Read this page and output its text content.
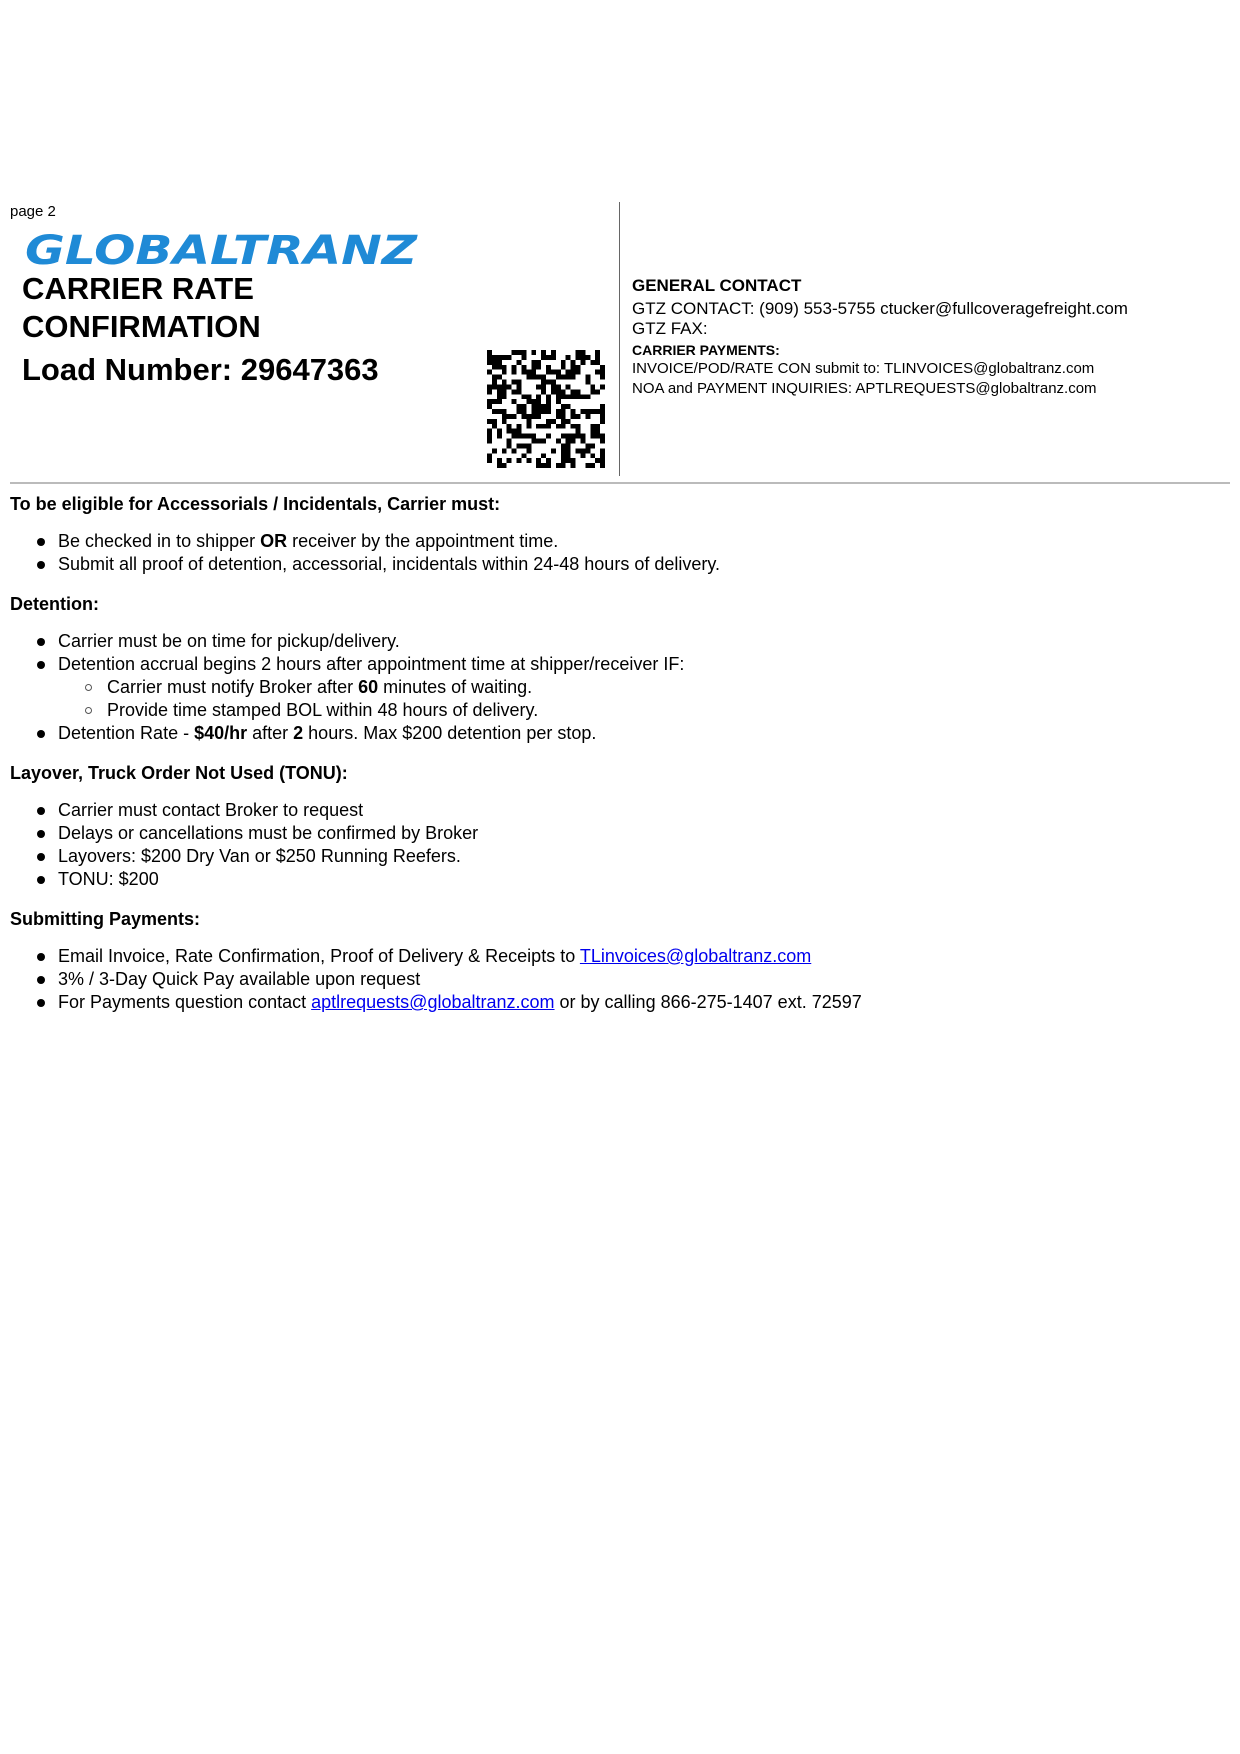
page 2
GLOBALTRANZ
CARRIER RATE
CONFIRMATION
Load Number: 29647363
GENERAL CONTACT
GTZ CONTACT: (909) 553-5755 ctucker@fullcoveragefreight.com
GTZ FAX:
CARRIER PAYMENTS:
INVOICE/POD/RATE CON submit to: TLINVOICES@globaltranz.com
NOA and PAYMENT INQUIRIES: APTLREQUESTS@globaltranz.com
To be eligible for Accessorials / Incidentals, Carrier must:
Be checked in to shipper OR receiver by the appointment time.
Submit all proof of detention, accessorial, incidentals within 24-48 hours of delivery.
Detention:
Carrier must be on time for pickup/delivery.
Detention accrual begins 2 hours after appointment time at shipper/receiver IF:
Carrier must notify Broker after 60 minutes of waiting.
Provide time stamped BOL within 48 hours of delivery.
Detention Rate - $40/hr after 2 hours. Max $200 detention per stop.
Layover, Truck Order Not Used (TONU):
Carrier must contact Broker to request
Delays or cancellations must be confirmed by Broker
Layovers: $200 Dry Van or $250 Running Reefers.
TONU: $200
Submitting Payments:
Email Invoice, Rate Confirmation, Proof of Delivery & Receipts to TLinvoices@globaltranz.com
3% / 3-Day Quick Pay available upon request
For Payments question contact aptlrequests@globaltranz.com or by calling 866-275-1407 ext. 72597
